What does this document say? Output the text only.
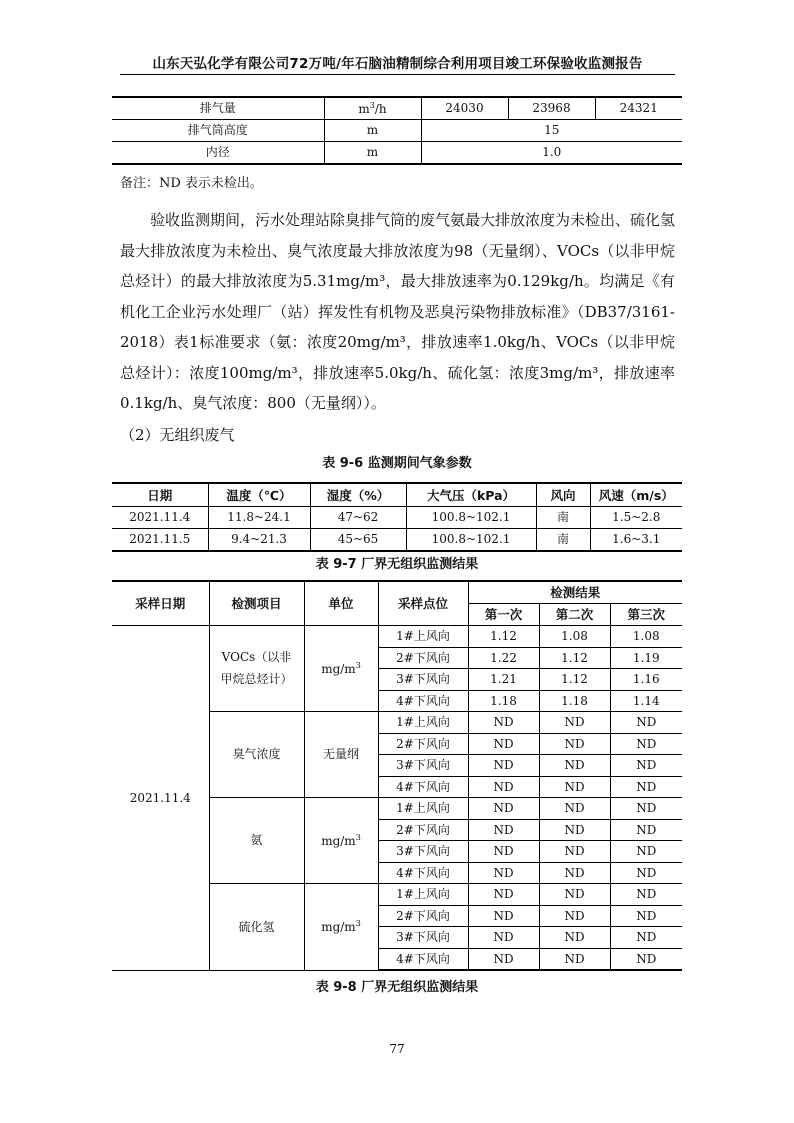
山东天弘化学有限公司72万吨/年石脑油精制综合利用项目竣工环保验收监测报告
排气量	$m^3/h$	24030	23968	24321
排气筒高度	m	15		
内径	m	1.0		
备注：ND 表示未检出。
验收监测期间，污水处理站除臭排气筒的废气氨最大排放浓度为未检出、硫化氢最大排放浓度为未检出、臭气浓度最大排放浓度为98（无量纲）、VOCs（以非甲烷总烃计）的最大排放浓度为5.31mg/m³，最大排放速率为0.129kg/h。均满足《有机化工企业污水处理厂（站）挥发性有机物及恶臭污染物排放标准》（DB37/3161-2018）表1标准要求（氨：浓度20mg/m³，排放速率1.0kg/h、VOCs（以非甲烷总烃计）：浓度100mg/m³，排放速率5.0kg/h、硫化氢：浓度3mg/m³，排放速率0.1kg/h、臭气浓度：800（无量纲））。
（2）无组织废气
表 9-6 监测期间气象参数
日期	温度（℃）	湿度（%）	大气压（kPa）	风向	风速（m/s）
2021.11.4	11.8~24.1	47~62	100.8~102.1	南	1.5~2.8
2021.11.5	9.4~21.3	45~65	100.8~102.1	南	1.6~3.1
表 9-7 厂界无组织监测结果
采样日期	检测项目	单位	采样点位	检测结果		
				第一次	第二次	第三次
2021.11.4	VOCs（以非甲烷总烃计）	$mg/m^3$	1#上风向	1.12	1.08	1.08
			2#下风向	1.22	1.12	1.19
			3#下风向	1.21	1.12	1.16
			4#下风向	1.18	1.18	1.14
	臭气浓度	无量纲	1#上风向	ND	ND	ND
			2#下风向	ND	ND	ND
			3#下风向	ND	ND	ND
			4#下风向	ND	ND	ND
	氨	$mg/m^3$	1#上风向	ND	ND	ND
			2#下风向	ND	ND	ND
			3#下风向	ND	ND	ND
			4#下风向	ND	ND	ND
	硫化氢	$mg/m^3$	1#上风向	ND	ND	ND
			2#下风向	ND	ND	ND
			3#下风向	ND	ND	ND
			4#下风向	ND	ND	ND
表 9-8 厂界无组织监测结果
77
